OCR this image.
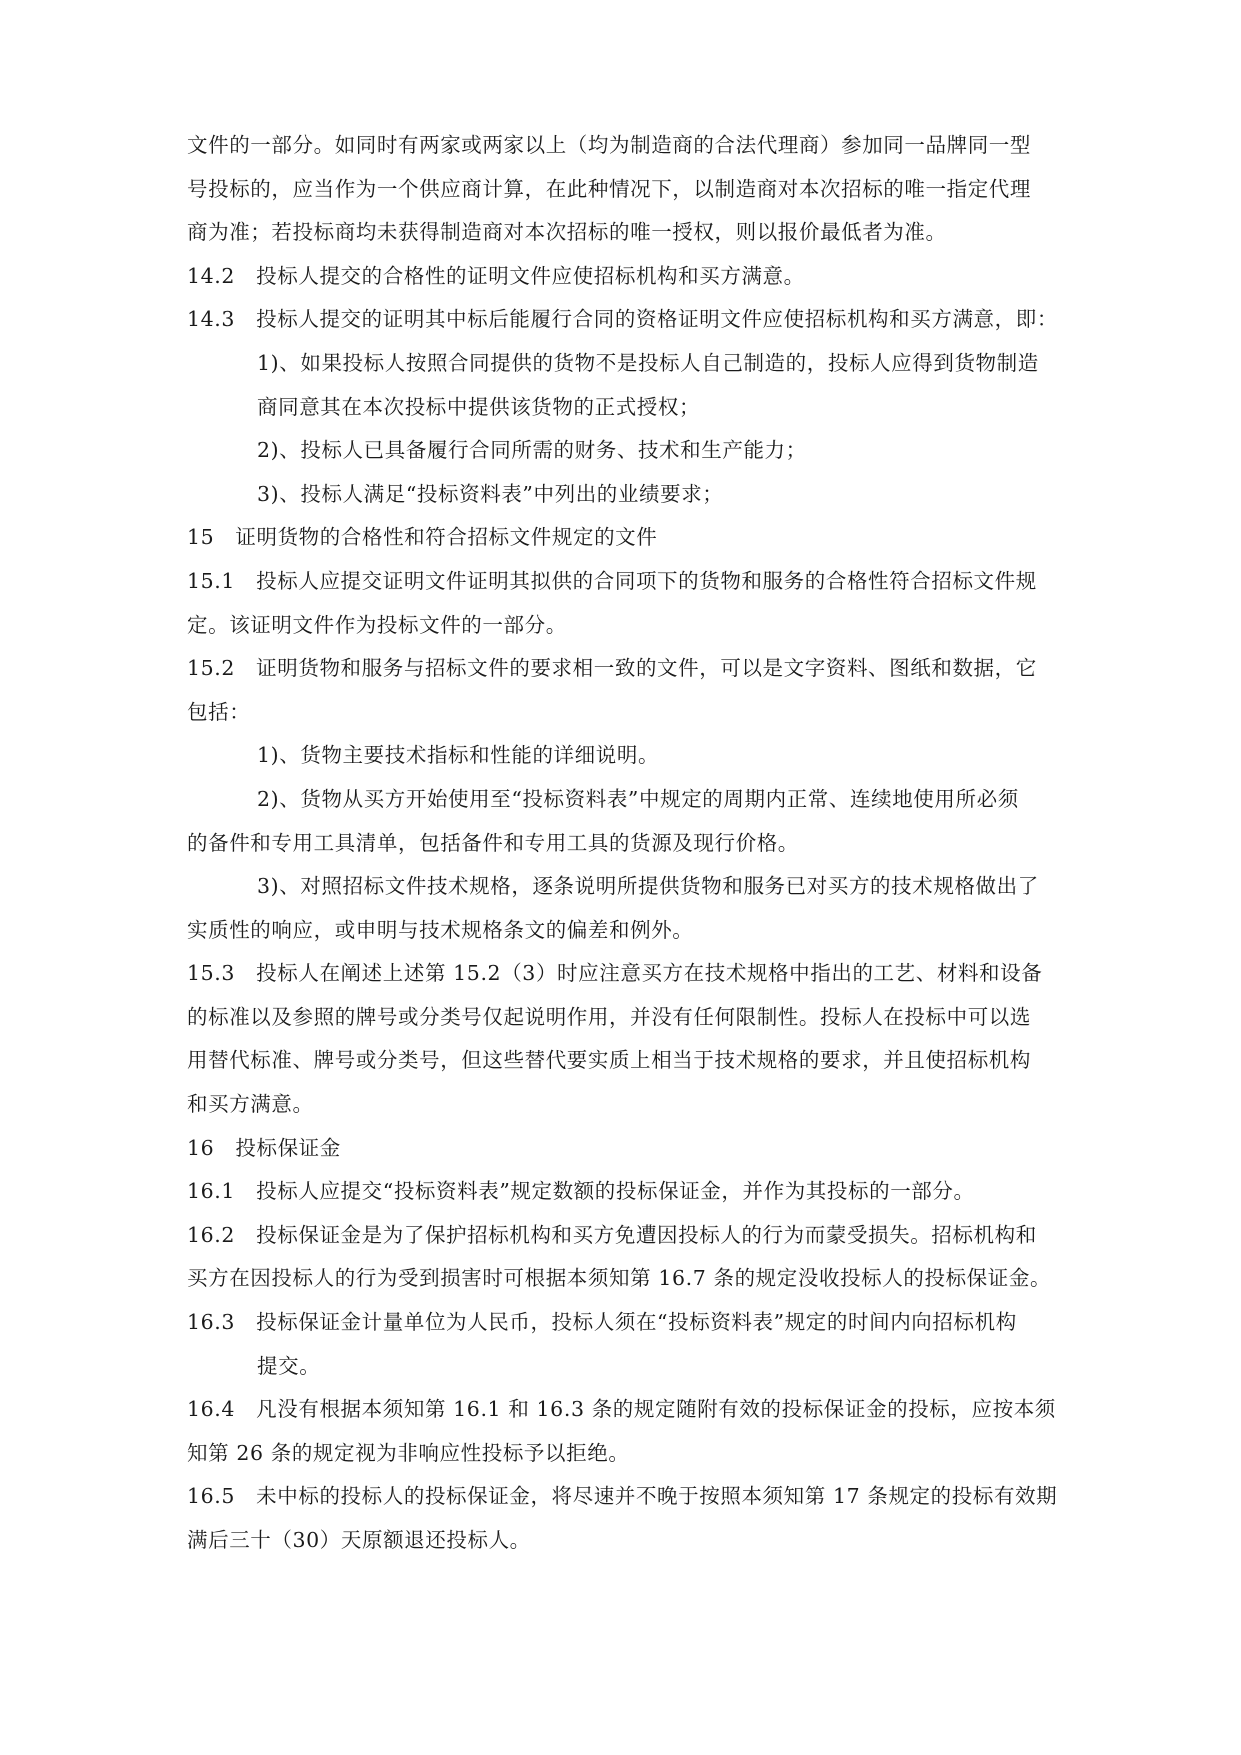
文件的一部分。如同时有两家或两家以上（均为制造商的合法代理商）参加同一品牌同一型

号投标的，应当作为一个供应商计算，在此种情况下，以制造商对本次招标的唯一指定代理

商为准；若投标商均未获得制造商对本次招标的唯一授权，则以报价最低者为准。

14.2　投标人提交的合格性的证明文件应使招标机构和买方满意。

14.3　投标人提交的证明其中标后能履行合同的资格证明文件应使招标机构和买方满意，即：

1)、如果投标人按照合同提供的货物不是投标人自己制造的，投标人应得到货物制造

商同意其在本次投标中提供该货物的正式授权；

2)、投标人已具备履行合同所需的财务、技术和生产能力；

3)、投标人满足“投标资料表”中列出的业绩要求；

15　证明货物的合格性和符合招标文件规定的文件

15.1　投标人应提交证明文件证明其拟供的合同项下的货物和服务的合格性符合招标文件规

定。该证明文件作为投标文件的一部分。

15.2　证明货物和服务与招标文件的要求相一致的文件，可以是文字资料、图纸和数据，它

包括：

1)、货物主要技术指标和性能的详细说明。

2)、货物从买方开始使用至“投标资料表”中规定的周期内正常、连续地使用所必须

的备件和专用工具清单，包括备件和专用工具的货源及现行价格。

3)、对照招标文件技术规格，逐条说明所提供货物和服务已对买方的技术规格做出了

实质性的响应，或申明与技术规格条文的偏差和例外。

15.3　投标人在阐述上述第 15.2（3）时应注意买方在技术规格中指出的工艺、材料和设备

的标准以及参照的牌号或分类号仅起说明作用，并没有任何限制性。投标人在投标中可以选

用替代标准、牌号或分类号，但这些替代要实质上相当于技术规格的要求，并且使招标机构

和买方满意。

16　投标保证金

16.1　投标人应提交“投标资料表”规定数额的投标保证金，并作为其投标的一部分。

16.2　投标保证金是为了保护招标机构和买方免遭因投标人的行为而蒙受损失。招标机构和

买方在因投标人的行为受到损害时可根据本须知第 16.7 条的规定没收投标人的投标保证金。

16.3　投标保证金计量单位为人民币，投标人须在“投标资料表”规定的时间内向招标机构

提交。

16.4　凡没有根据本须知第 16.1 和 16.3 条的规定随附有效的投标保证金的投标，应按本须

知第 26 条的规定视为非响应性投标予以拒绝。

16.5　未中标的投标人的投标保证金，将尽速并不晚于按照本须知第 17 条规定的投标有效期

满后三十（30）天原额退还投标人。
